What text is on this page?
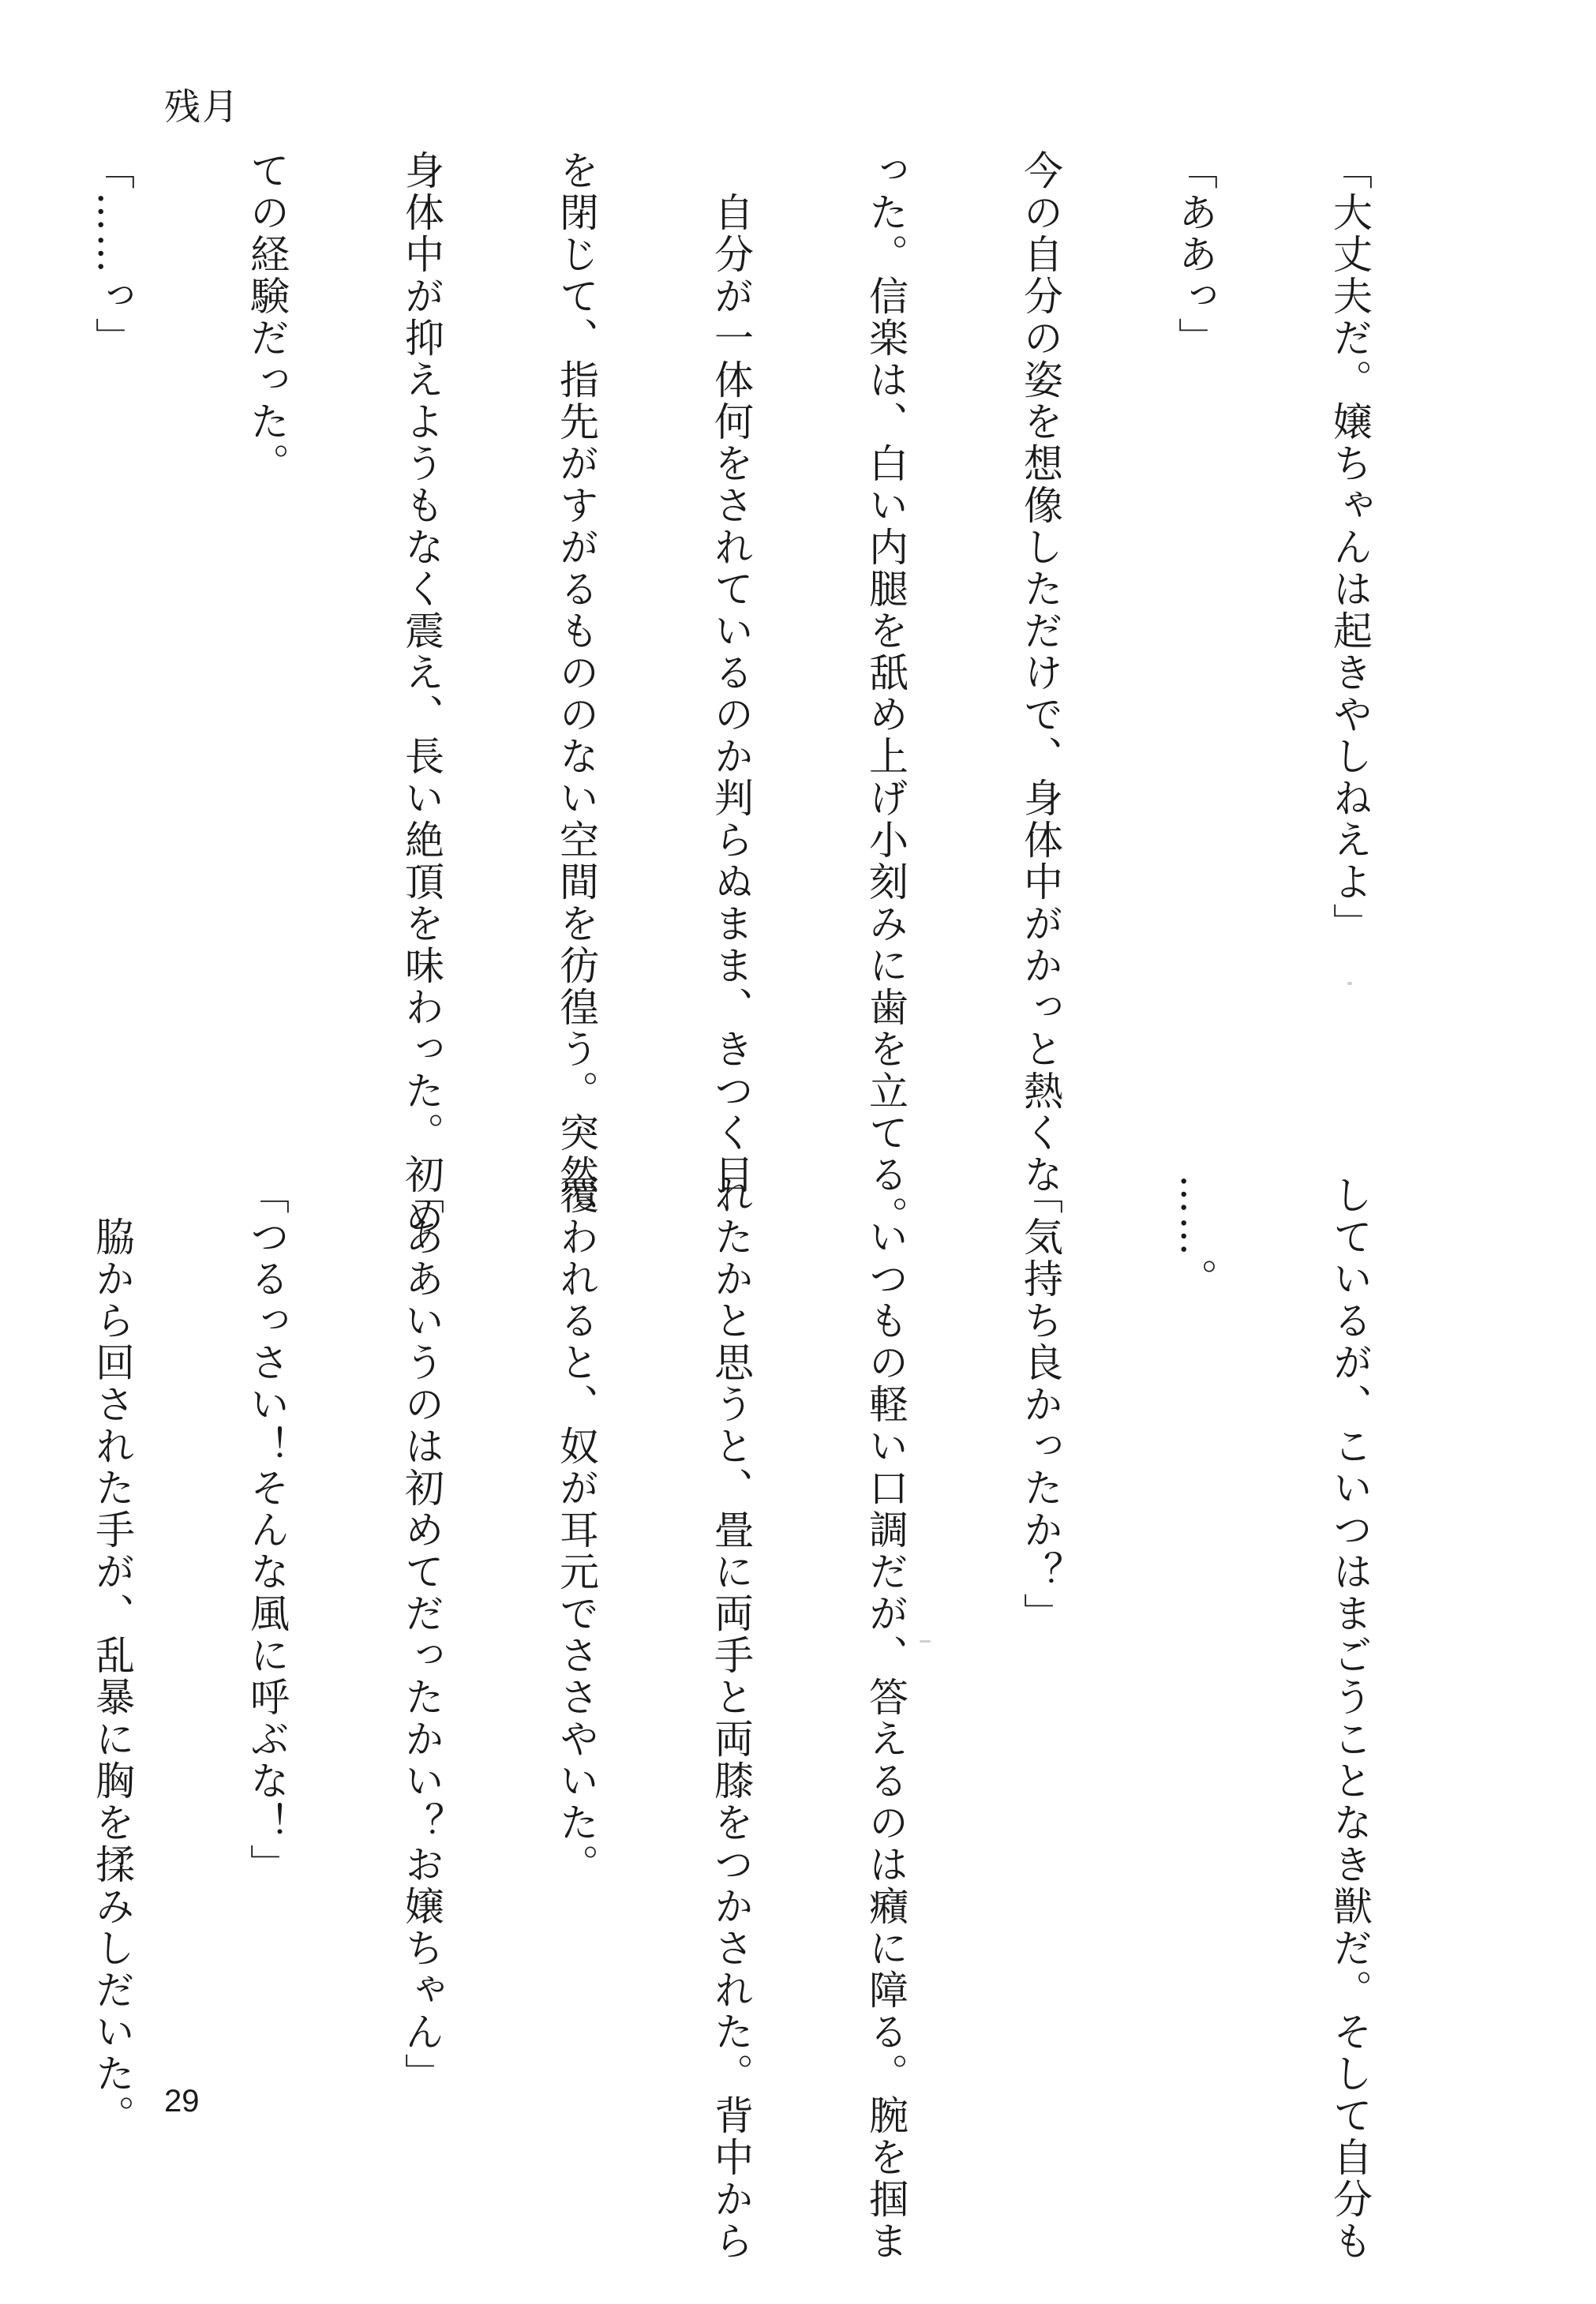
残月

「大丈夫だ。嬢ちゃんは起きやしねえよ」

「ああっ」

今の自分の姿を想像しただけで、身体中がかっと熱くな

った。信楽は、白い内腿を舐め上げ小刻みに歯を立てる。

　自分が一体何をされているのか判らぬまま、きつく目

を閉じて、指先がすがるもののない空間を彷徨う。突然、

身体中が抑えようもなく震え、長い絶頂を味わった。初め

ての経験だった。

「……っ」

しているが、こいつはまごうことなき獣だ。そして自分も

……。

「気持ち良かったか？」

　いつもの軽い口調だが、答えるのは癪に障る。腕を掴ま

れたかと思うと、畳に両手と両膝をつかされた。背中から

覆われると、奴が耳元でささやいた。

「ああいうのは初めてだったかい？お嬢ちゃん」

「つるっさい！そんな風に呼ぶな！」

　脇から回された手が、乱暴に胸を揉みしだいた。

29
